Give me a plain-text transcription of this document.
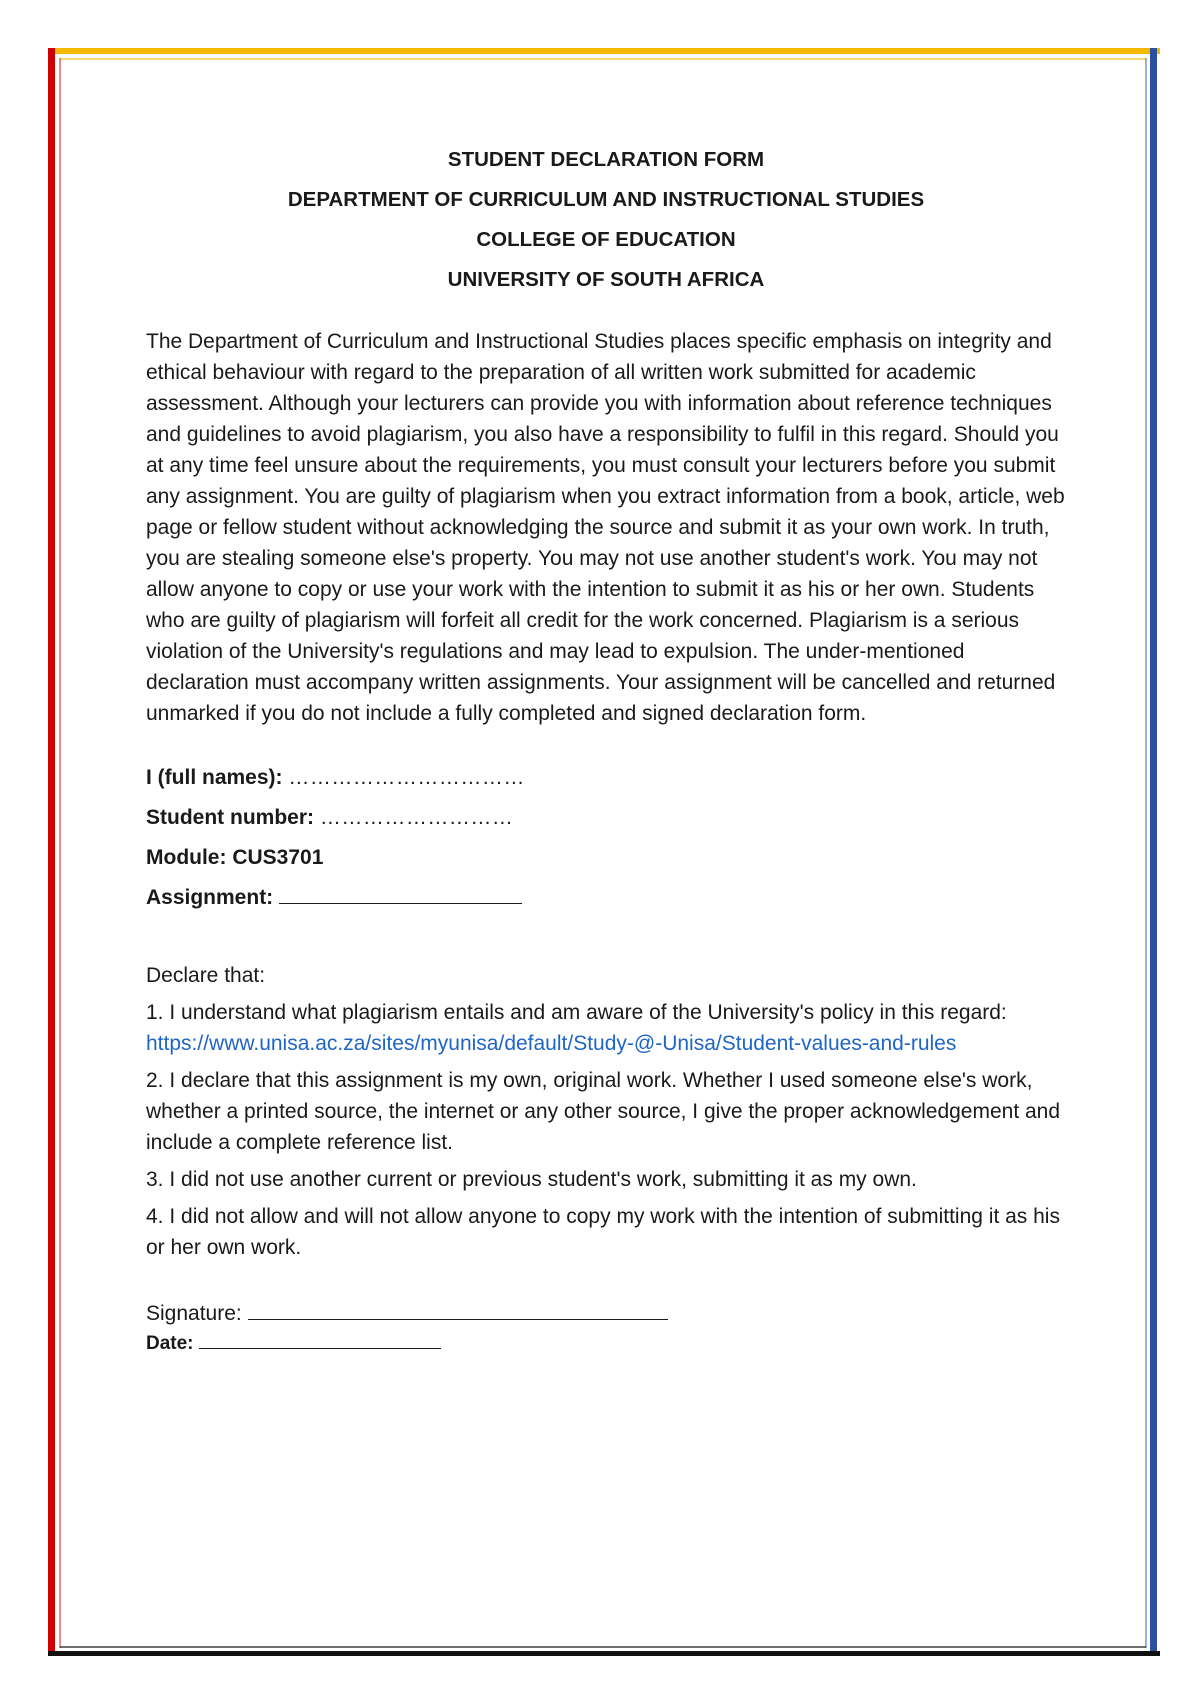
STUDENT DECLARATION FORM

DEPARTMENT OF CURRICULUM AND INSTRUCTIONAL STUDIES

COLLEGE OF EDUCATION

UNIVERSITY OF SOUTH AFRICA

The Department of Curriculum and Instructional Studies places specific emphasis on integrity and ethical behaviour with regard to the preparation of all written work submitted for academic assessment. Although your lecturers can provide you with information about reference techniques and guidelines to avoid plagiarism, you also have a responsibility to fulfil in this regard. Should you at any time feel unsure about the requirements, you must consult your lecturers before you submit any assignment. You are guilty of plagiarism when you extract information from a book, article, web page or fellow student without acknowledging the source and submit it as your own work. In truth, you are stealing someone else's property. You may not use another student's work. You may not allow anyone to copy or use your work with the intention to submit it as his or her own. Students who are guilty of plagiarism will forfeit all credit for the work concerned. Plagiarism is a serious violation of the University's regulations and may lead to expulsion. The under-mentioned declaration must accompany written assignments. Your assignment will be cancelled and returned unmarked if you do not include a fully completed and signed declaration form.

I (full names): ……………………………
Student number: ………………………
Module: CUS3701
Assignment:
Declare that:
1. I understand what plagiarism entails and am aware of the University's policy in this regard: https://www.unisa.ac.za/sites/myunisa/default/Study-@-Unisa/Student-values-and-rules
2. I declare that this assignment is my own, original work. Whether I used someone else's work, whether a printed source, the internet or any other source, I give the proper acknowledgement and include a complete reference list.
3. I did not use another current or previous student's work, submitting it as my own.
4. I did not allow and will not allow anyone to copy my work with the intention of submitting it as his or her own work.
Signature:
Date:
